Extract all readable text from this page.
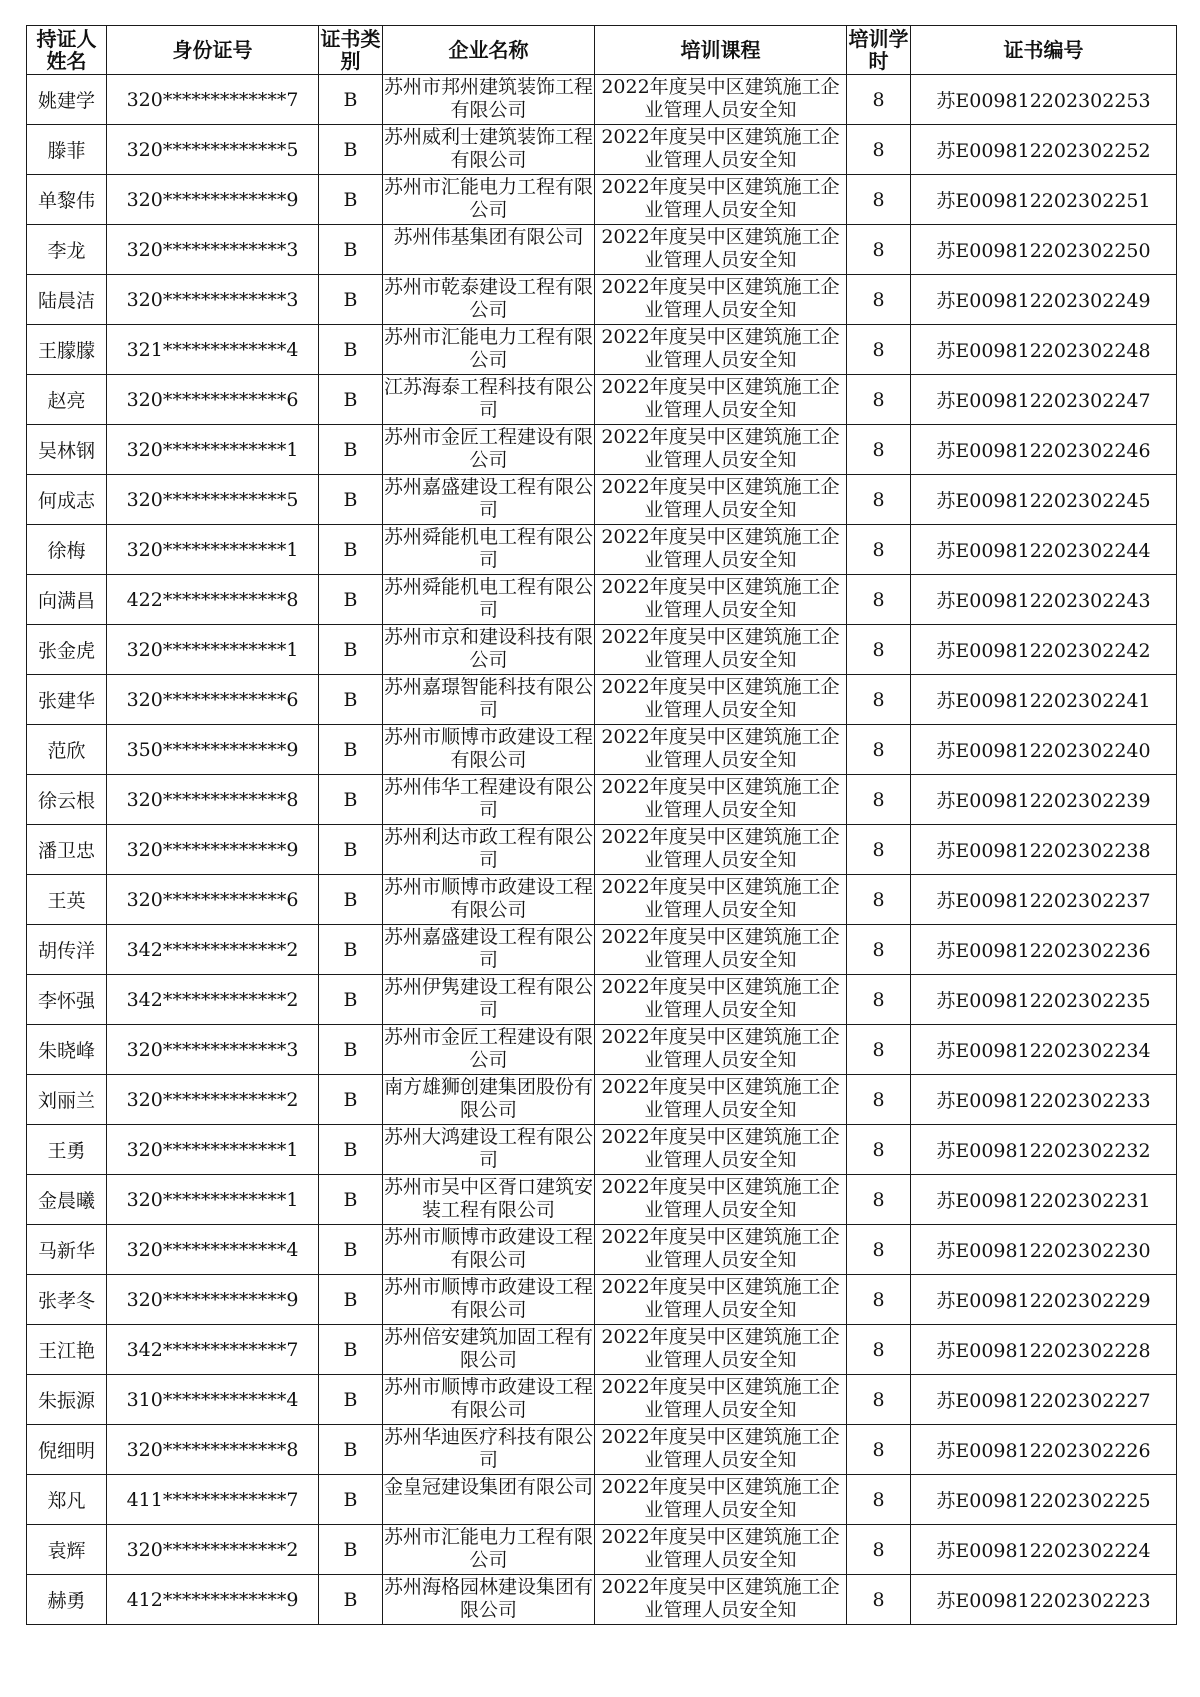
持证人姓名	身份证号	证书类别	企业名称	培训课程	培训学时	证书编号
姚建学	320*************7	B	苏州市邦州建筑装饰工程有限公司	2022年度吴中区建筑施工企业管理人员安全知	8	苏E009812202302253
滕菲	320*************5	B	苏州威利士建筑装饰工程有限公司	2022年度吴中区建筑施工企业管理人员安全知	8	苏E009812202302252
单黎伟	320*************9	B	苏州市汇能电力工程有限公司	2022年度吴中区建筑施工企业管理人员安全知	8	苏E009812202302251
李龙	320*************3	B	苏州伟基集团有限公司	2022年度吴中区建筑施工企业管理人员安全知	8	苏E009812202302250
陆晨洁	320*************3	B	苏州市乾泰建设工程有限公司	2022年度吴中区建筑施工企业管理人员安全知	8	苏E009812202302249
王朦朦	321*************4	B	苏州市汇能电力工程有限公司	2022年度吴中区建筑施工企业管理人员安全知	8	苏E009812202302248
赵亮	320*************6	B	江苏海泰工程科技有限公司	2022年度吴中区建筑施工企业管理人员安全知	8	苏E009812202302247
吴林钢	320*************1	B	苏州市金匠工程建设有限公司	2022年度吴中区建筑施工企业管理人员安全知	8	苏E009812202302246
何成志	320*************5	B	苏州嘉盛建设工程有限公司	2022年度吴中区建筑施工企业管理人员安全知	8	苏E009812202302245
徐梅	320*************1	B	苏州舜能机电工程有限公司	2022年度吴中区建筑施工企业管理人员安全知	8	苏E009812202302244
向满昌	422*************8	B	苏州舜能机电工程有限公司	2022年度吴中区建筑施工企业管理人员安全知	8	苏E009812202302243
张金虎	320*************1	B	苏州市京和建设科技有限公司	2022年度吴中区建筑施工企业管理人员安全知	8	苏E009812202302242
张建华	320*************6	B	苏州嘉璟智能科技有限公司	2022年度吴中区建筑施工企业管理人员安全知	8	苏E009812202302241
范欣	350*************9	B	苏州市顺博市政建设工程有限公司	2022年度吴中区建筑施工企业管理人员安全知	8	苏E009812202302240
徐云根	320*************8	B	苏州伟华工程建设有限公司	2022年度吴中区建筑施工企业管理人员安全知	8	苏E009812202302239
潘卫忠	320*************9	B	苏州利达市政工程有限公司	2022年度吴中区建筑施工企业管理人员安全知	8	苏E009812202302238
王英	320*************6	B	苏州市顺博市政建设工程有限公司	2022年度吴中区建筑施工企业管理人员安全知	8	苏E009812202302237
胡传洋	342*************2	B	苏州嘉盛建设工程有限公司	2022年度吴中区建筑施工企业管理人员安全知	8	苏E009812202302236
李怀强	342*************2	B	苏州伊隽建设工程有限公司	2022年度吴中区建筑施工企业管理人员安全知	8	苏E009812202302235
朱晓峰	320*************3	B	苏州市金匠工程建设有限公司	2022年度吴中区建筑施工企业管理人员安全知	8	苏E009812202302234
刘丽兰	320*************2	B	南方雄狮创建集团股份有限公司	2022年度吴中区建筑施工企业管理人员安全知	8	苏E009812202302233
王勇	320*************1	B	苏州大鸿建设工程有限公司	2022年度吴中区建筑施工企业管理人员安全知	8	苏E009812202302232
金晨曦	320*************1	B	苏州市吴中区胥口建筑安装工程有限公司	2022年度吴中区建筑施工企业管理人员安全知	8	苏E009812202302231
马新华	320*************4	B	苏州市顺博市政建设工程有限公司	2022年度吴中区建筑施工企业管理人员安全知	8	苏E009812202302230
张孝冬	320*************9	B	苏州市顺博市政建设工程有限公司	2022年度吴中区建筑施工企业管理人员安全知	8	苏E009812202302229
王江艳	342*************7	B	苏州倍安建筑加固工程有限公司	2022年度吴中区建筑施工企业管理人员安全知	8	苏E009812202302228
朱振源	310*************4	B	苏州市顺博市政建设工程有限公司	2022年度吴中区建筑施工企业管理人员安全知	8	苏E009812202302227
倪细明	320*************8	B	苏州华迪医疗科技有限公司	2022年度吴中区建筑施工企业管理人员安全知	8	苏E009812202302226
郑凡	411*************7	B	金皇冠建设集团有限公司	2022年度吴中区建筑施工企业管理人员安全知	8	苏E009812202302225
袁辉	320*************2	B	苏州市汇能电力工程有限公司	2022年度吴中区建筑施工企业管理人员安全知	8	苏E009812202302224
赫勇	412*************9	B	苏州海格园林建设集团有限公司	2022年度吴中区建筑施工企业管理人员安全知	8	苏E009812202302223
